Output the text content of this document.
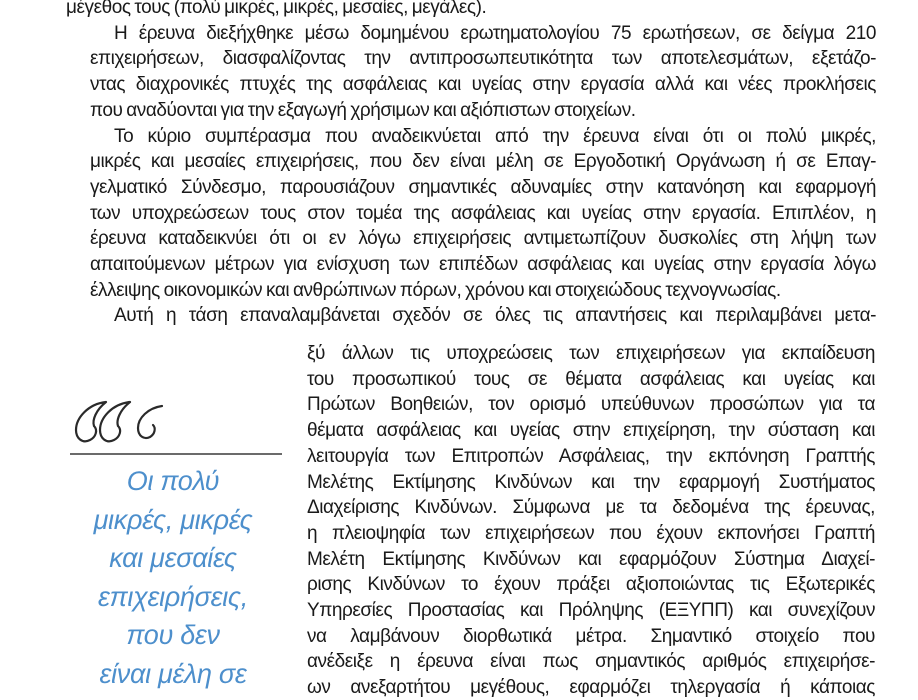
μέγεθος τους (πολύ μικρές, μικρές, μεσαίες, μεγάλες).

Η έρευνα διεξήχθηκε μέσω δομημένου ερωτηματολογίου 75 ερωτήσεων, σε δείγμα 210
επιχειρήσεων, διασφαλίζοντας την αντιπροσωπευτικότητα των αποτελεσμάτων, εξετάζο-
ντας διαχρονικές πτυχές της ασφάλειας και υγείας στην εργασία αλλά και νέες προκλήσεις
που αναδύονται για την εξαγωγή χρήσιμων και αξιόπιστων στοιχείων.

Το κύριο συμπέρασμα που αναδεικνύεται από την έρευνα είναι ότι οι πολύ μικρές,
μικρές και μεσαίες επιχειρήσεις, που δεν είναι μέλη σε Εργοδοτική Οργάνωση ή σε Επαγ-
γελματικό Σύνδεσμο, παρουσιάζουν σημαντικές αδυναμίες στην κατανόηση και εφαρμογή
των υποχρεώσεων τους στον τομέα της ασφάλειας και υγείας στην εργασία. Επιπλέον, η
έρευνα καταδεικνύει ότι οι εν λόγω επιχειρήσεις αντιμετωπίζουν δυσκολίες στη λήψη των
απαιτούμενων μέτρων για ενίσχυση των επιπέδων ασφάλειας και υγείας στην εργασία λόγω
έλλειψης οικονομικών και ανθρώπινων πόρων, χρόνου και στοιχειώδους τεχνογνωσίας.

Αυτή η τάση επαναλαμβάνεται σχεδόν σε όλες τις απαντήσεις και περιλαμβάνει μετα-

ξύ άλλων τις υποχρεώσεις των επιχειρήσεων για εκπαίδευση
του προσωπικού τους σε θέματα ασφάλειας και υγείας και
Πρώτων Βοηθειών, τον ορισμό υπεύθυνων προσώπων για τα
θέματα ασφάλειας και υγείας στην επιχείρηση, την σύσταση και
λειτουργία των Επιτροπών Ασφάλειας, την εκπόνηση Γραπτής
Μελέτης Εκτίμησης Κινδύνων και την εφαρμογή Συστήματος
Διαχείρισης Κινδύνων. Σύμφωνα με τα δεδομένα της έρευνας,
η πλειοψηφία των επιχειρήσεων που έχουν εκπονήσει Γραπτή
Μελέτη Εκτίμησης Κινδύνων και εφαρμόζουν Σύστημα Διαχεί-
ρισης Κινδύνων το έχουν πράξει αξιοποιώντας τις Εξωτερικές
Υπηρεσίες Προστασίας και Πρόληψης (ΕΞΥΠΠ) και συνεχίζουν
να λαμβάνουν διορθωτικά μέτρα. Σημαντικό στοιχείο που
ανέδειξε η έρευνα είναι πως σημαντικός αριθμός επιχειρήσε-
ων ανεξαρτήτου μεγέθους, εφαρμόζει τηλεργασία ή κάποιας
Οι πολύ
μικρές, μικρές
και μεσαίες
επιχειρήσεις,
που δεν
είναι μέλη σε
